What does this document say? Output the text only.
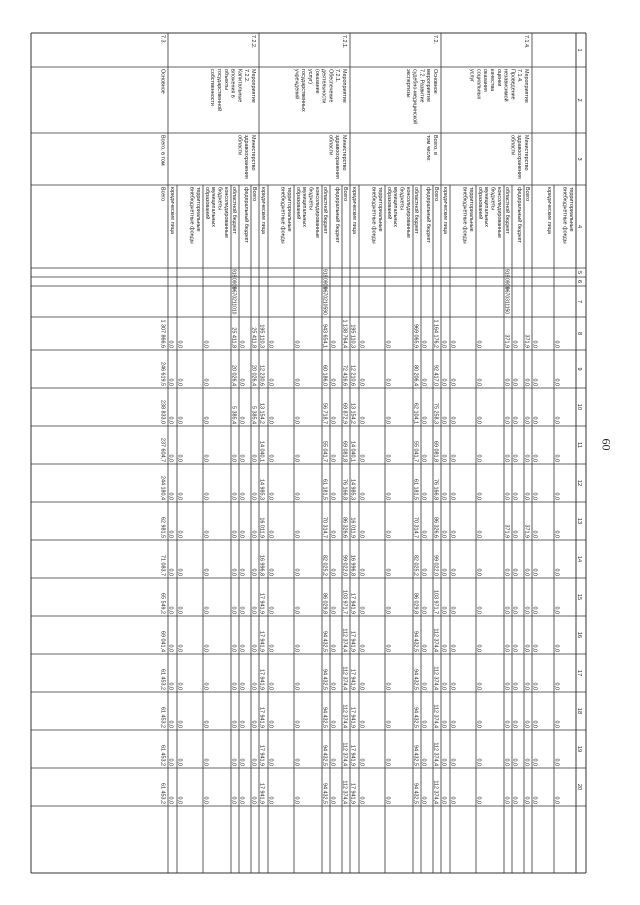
60
1
2
3
4
5
6
7
8
9
10
11
12
13
14
15
16
17
18
19
20
территориальные
внебюджетные фонды
0,0
0,0
0,0
0,0
0,0
0,0
0,0
0,0
0,0
0,0
0,0
0,0
0,0
юридические лица
0,0
0,0
0,0
0,0
0,0
0,0
0,0
0,0
0,0
0,0
0,0
0,0
0,0
Всего
371,9
0,0
0,0
0,0
0,0
371,9
0,0
0,0
0,0
0,0
0,0
0,0
0,0
федеральный бюджет
0,0
0,0
0,0
0,0
0,0
0,0
0,0
0,0
0,0
0,0
0,0
0,0
0,0
областной бюджет
371,9
0,0
0,0
0,0
0,0
371,9
0,0
0,0
0,0
0,0
0,0
0,0
0,0
консолидированные
бюджеты
муниципальных
образований
0,0
0,0
0,0
0,0
0,0
0,0
0,0
0,0
0,0
0,0
0,0
0,0
0,0
территориальные
внебюджетные фонды
0,0
0,0
0,0
0,0
0,0
0,0
0,0
0,0
0,0
0,0
0,0
0,0
0,0
юридические лица
0,0
0,0
0,0
0,0
0,0
0,0
0,0
0,0
0,0
0,0
0,0
0,0
0,0
Всего
1 164 176,2
92 417,0
75 258,3
69 081,8
76 166,8
86 326,6
99 022,0
103 971,7
112 374,4
112 374,4
112 374,4
112 374,4
112 374,4
федеральный бюджет
0,0
0,0
0,0
0,0
0,0
0,0
0,0
0,0
0,0
0,0
0,0
0,0
0,0
областной бюджет
969 065,9
80 206,4
62 104,1
55 041,7
61 181,5
70 314,7
82 025,2
86 029,8
94 432,5
94 432,5
94 432,5
94 432,5
94 432,5
консолидированные
бюджеты
муниципальных
образований
0,0
0,0
0,0
0,0
0,0
0,0
0,0
0,0
0,0
0,0
0,0
0,0
0,0
территориальные
внебюджетные фонды
0,0
0,0
0,0
0,0
0,0
0,0
0,0
0,0
0,0
0,0
0,0
0,0
0,0
юридические лица
195 110,3
12 210,6
13 154,2
14 040,1
14 985,3
16 011,9
16 996,8
17 941,9
17 941,9
17 941,9
17 941,9
17 941,9
17 941,9
Всего
1 138 764,4
72 416,6
69 872,9
69 081,8
76 166,8
86 326,6
99 022,0
103 971,7
112 374,4
112 374,4
112 374,4
112 374,4
112 374,4
федеральный бюджет
0,0
0,0
0,0
0,0
0,0
0,0
0,0
0,0
0,0
0,0
0,0
0,0
0,0
областной бюджет
943 654,1
60 186,0
56 718,7
55 041,7
61 181,5
70 314,7
82 025,2
86 029,8
94 432,5
94 432,5
94 432,5
94 432,5
94 432,5
консолидированные
бюджеты
муниципальных
образований
0,0
0,0
0,0
0,0
0,0
0,0
0,0
0,0
0,0
0,0
0,0
0,0
0,0
территориальные
внебюджетные фонды
0,0
0,0
0,0
0,0
0,0
0,0
0,0
0,0
0,0
0,0
0,0
0,0
0,0
юридические лица
195 110,3
12 230,6
13 154,2
14 040,1
14 985,3
16 011,9
16 996,8
17 941,9
17 941,9
17 941,9
17 941,9
17 941,9
17 941,9
Всего
25 411,8
20 026,4
5 385,4
0,0
0,0
0,0
0,0
0,0
0,0
0,0
0,0
0,0
0,0
федеральный бюджет
0,0
0,0
0,0
0,0
0,0
0,0
0,0
0,0
0,0
0,0
0,0
0,0
0,0
областной бюджет
25 411,8
20 026,4
5 385,4
0,0
0,0
0,0
0,0
0,0
0,0
0,0
0,0
0,0
0,0
консолидированные
бюджеты
муниципальных
образований
0,0
0,0
0,0
0,0
0,0
0,0
0,0
0,0
0,0
0,0
0,0
0,0
0,0
территориальные
внебюджетные фонды
0,0
0,0
0,0
0,0
0,0
0,0
0,0
0,0
0,0
0,0
0,0
0,0
0,0
юридические лица
0,0
0,0
0,0
0,0
0,0
0,0
0,0
0,0
0,0
0,0
0,0
0,0
0,0
7.3.
Основное
Всего, в том
Всего
1 307 866,6
246 619,5
238 833,0
237 604,7
244 180,4
62 981,5
71 083,7
65 549,2
69 041,4
61 453,2
61 453,2
61 453,2
61 453,2
7.1.4.
Мероприятие
7.1.4.
Проведение
независимой
оценки
качества
оказания
социальных
услуг
Министерство
здравоохранения
области
918
0909
0670311150
7.2.
Основное
мероприятие
7.2. Развитие
судебно-медицинской
экспертизы
Всего, в
том числе:
7.2.1.
Мероприятие
7.2.1.
Обеспечение
деятельности
(оказание
услуг)
государственных
учреждений
Министерство
здравоохранения
области
918
0909
0670210590
7.2.2.
Мероприятие
7.2.2.
Капитальные
вложения в
объекты
государственной
собственности
Министерство
здравоохранения
области
918
0909
0670211010
